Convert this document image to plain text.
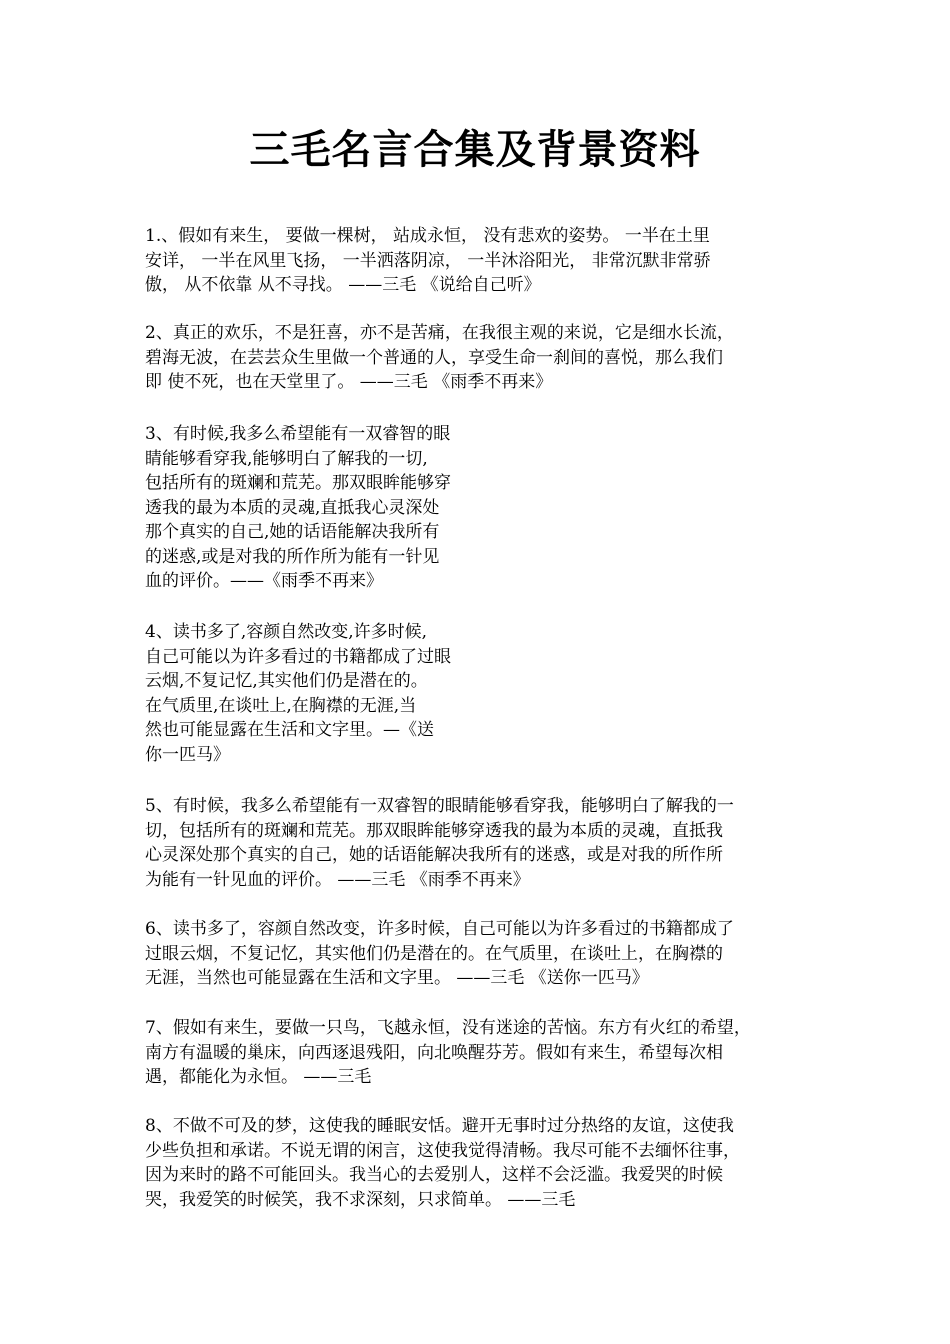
三毛名言合集及背景资料
1.、假如有来生， 要做一棵树， 站成永恒， 没有悲欢的姿势。 一半在土里
安详， 一半在风里飞扬， 一半洒落阴凉， 一半沐浴阳光， 非常沉默非常骄
傲， 从不依靠 从不寻找。 ——三毛 《说给自己听》
2、真正的欢乐，不是狂喜，亦不是苦痛，在我很主观的来说，它是细水长流，
碧海无波，在芸芸众生里做一个普通的人，享受生命一刹间的喜悦，那么我们
即 使不死，也在天堂里了。 ——三毛 《雨季不再来》
3、有时候,我多么希望能有一双睿智的眼
睛能够看穿我,能够明白了解我的一切,
包括所有的斑斓和荒芜。那双眼眸能够穿
透我的最为本质的灵魂,直抵我心灵深处
那个真实的自己,她的话语能解决我所有
的迷惑,或是对我的所作所为能有一针见
血的评价。——《雨季不再来》
4、读书多了,容颜自然改变,许多时候,
自己可能以为许多看过的书籍都成了过眼
云烟,不复记忆,其实他们仍是潜在的。
在气质里,在谈吐上,在胸襟的无涯,当
然也可能显露在生活和文字里。—《送
你一匹马》
5、有时候，我多么希望能有一双睿智的眼睛能够看穿我，能够明白了解我的一
切，包括所有的斑斓和荒芜。那双眼眸能够穿透我的最为本质的灵魂，直抵我
心灵深处那个真实的自己，她的话语能解决我所有的迷惑，或是对我的所作所
为能有一针见血的评价。 ——三毛 《雨季不再来》
6、读书多了，容颜自然改变，许多时候，自己可能以为许多看过的书籍都成了
过眼云烟，不复记忆，其实他们仍是潜在的。在气质里，在谈吐上，在胸襟的
无涯，当然也可能显露在生活和文字里。 ——三毛 《送你一匹马》
7、假如有来生，要做一只鸟，飞越永恒，没有迷途的苦恼。东方有火红的希望，
南方有温暖的巢床，向西逐退残阳，向北唤醒芬芳。假如有来生，希望每次相
遇，都能化为永恒。 ——三毛
8、不做不可及的梦，这使我的睡眠安恬。避开无事时过分热络的友谊，这使我
少些负担和承诺。不说无谓的闲言，这使我觉得清畅。我尽可能不去缅怀往事，
因为来时的路不可能回头。我当心的去爱别人，这样不会泛滥。我爱哭的时候
哭，我爱笑的时候笑，我不求深刻，只求简单。 ——三毛
